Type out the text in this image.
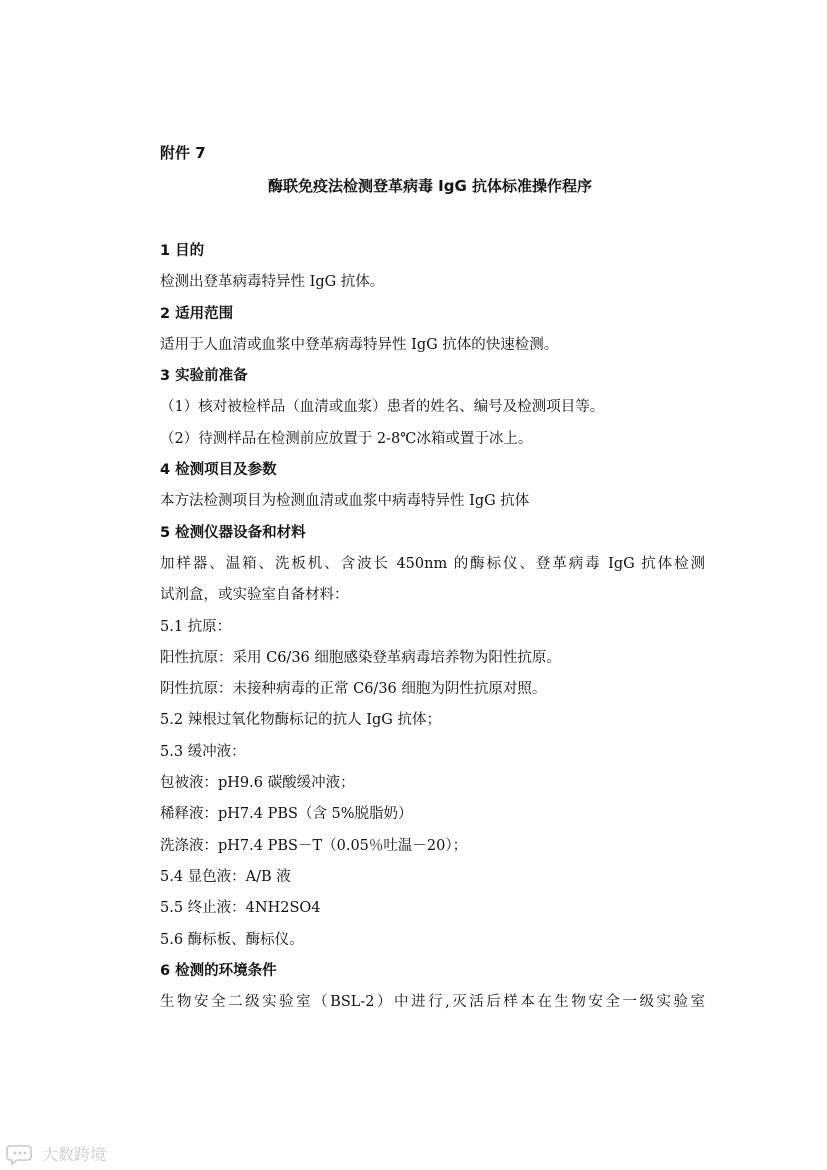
附件 7
酶联免疫法检测登革病毒 IgG 抗体标准操作程序
1 目的
检测出登革病毒特异性 IgG 抗体。
2 适用范围
适用于人血清或血浆中登革病毒特异性 IgG 抗体的快速检测。
3 实验前准备
（1）核对被检样品（血清或血浆）患者的姓名、编号及检测项目等。
（2）待测样品在检测前应放置于 2-8℃冰箱或置于冰上。
4 检测项目及参数
本方法检测项目为检测血清或血浆中病毒特异性 IgG 抗体
5 检测仪器设备和材料
加样器、温箱、洗板机、含波长 450nm 的酶标仪、登革病毒 IgG 抗体检测
试剂盒，或实验室自备材料：
5.1 抗原：
阳性抗原：采用 C6/36 细胞感染登革病毒培养物为阳性抗原。
阴性抗原：未接种病毒的正常 C6/36 细胞为阴性抗原对照。
5.2 辣根过氧化物酶标记的抗人 IgG 抗体；
5.3 缓冲液：
包被液：pH9.6 碳酸缓冲液；
稀释液：pH7.4 PBS（含 5%脱脂奶）
洗涤液：pH7.4 PBS－T（0.05％吐温－20）；
5.4 显色液：A/B 液
5.5 终止液：4NH2SO4
5.6 酶标板、酶标仪。
6 检测的环境条件
生物安全二级实验室（BSL-2）中进行,灭活后样本在生物安全一级实验室
大数跨境
